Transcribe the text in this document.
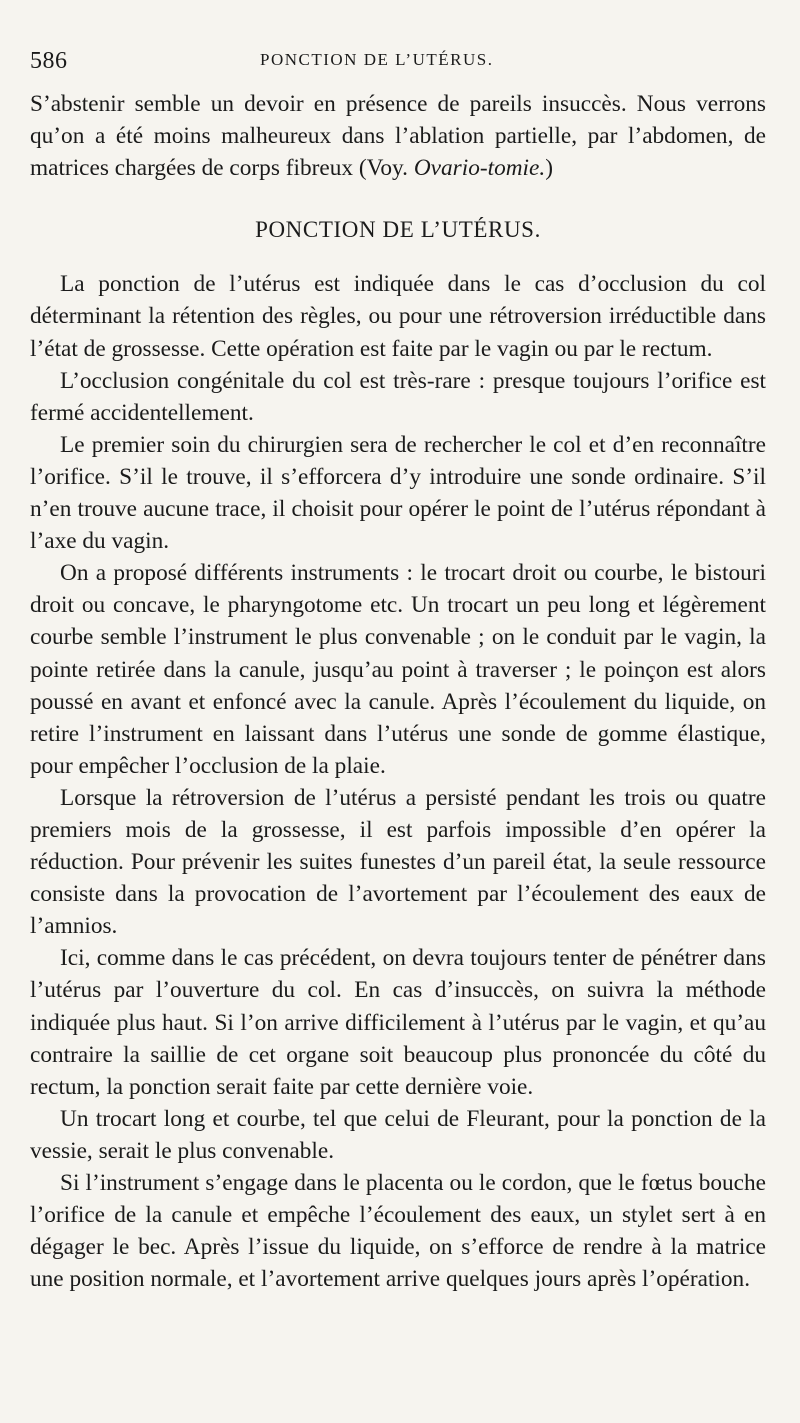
586	PONCTION DE L’UTÉRUS.

S’abstenir semble un devoir en présence de pareils insuccès. Nous verrons qu’on a été moins malheureux dans l’ablation partielle, par l’abdomen, de matrices chargées de corps fibreux (Voy. Ovario-tomie.)

PONCTION DE L’UTÉRUS.

La ponction de l’utérus est indiquée dans le cas d’occlusion du col déterminant la rétention des règles, ou pour une rétroversion irréductible dans l’état de grossesse. Cette opération est faite par le vagin ou par le rectum.

L’occlusion congénitale du col est très-rare : presque toujours l’orifice est fermé accidentellement.

Le premier soin du chirurgien sera de rechercher le col et d’en reconnaître l’orifice. S’il le trouve, il s’efforcera d’y introduire une sonde ordinaire. S’il n’en trouve aucune trace, il choisit pour opérer le point de l’utérus répondant à l’axe du vagin.

On a proposé différents instruments : le trocart droit ou courbe, le bistouri droit ou concave, le pharyngotome etc. Un trocart un peu long et légèrement courbe semble l’instrument le plus convenable ; on le conduit par le vagin, la pointe retirée dans la canule, jusqu’au point à traverser ; le poinçon est alors poussé en avant et enfoncé avec la canule. Après l’écoulement du liquide, on retire l’instrument en laissant dans l’utérus une sonde de gomme élastique, pour empêcher l’occlusion de la plaie.

Lorsque la rétroversion de l’utérus a persisté pendant les trois ou quatre premiers mois de la grossesse, il est parfois impossible d’en opérer la réduction. Pour prévenir les suites funestes d’un pareil état, la seule ressource consiste dans la provocation de l’avortement par l’écoulement des eaux de l’amnios.

Ici, comme dans le cas précédent, on devra toujours tenter de pénétrer dans l’utérus par l’ouverture du col. En cas d’insuccès, on suivra la méthode indiquée plus haut. Si l’on arrive difficilement à l’utérus par le vagin, et qu’au contraire la saillie de cet organe soit beaucoup plus prononcée du côté du rectum, la ponction serait faite par cette dernière voie.

Un trocart long et courbe, tel que celui de Fleurant, pour la ponction de la vessie, serait le plus convenable.

Si l’instrument s’engage dans le placenta ou le cordon, que le fœtus bouche l’orifice de la canule et empêche l’écoulement des eaux, un stylet sert à en dégager le bec. Après l’issue du liquide, on s’efforce de rendre à la matrice une position normale, et l’avortement arrive quelques jours après l’opération.
